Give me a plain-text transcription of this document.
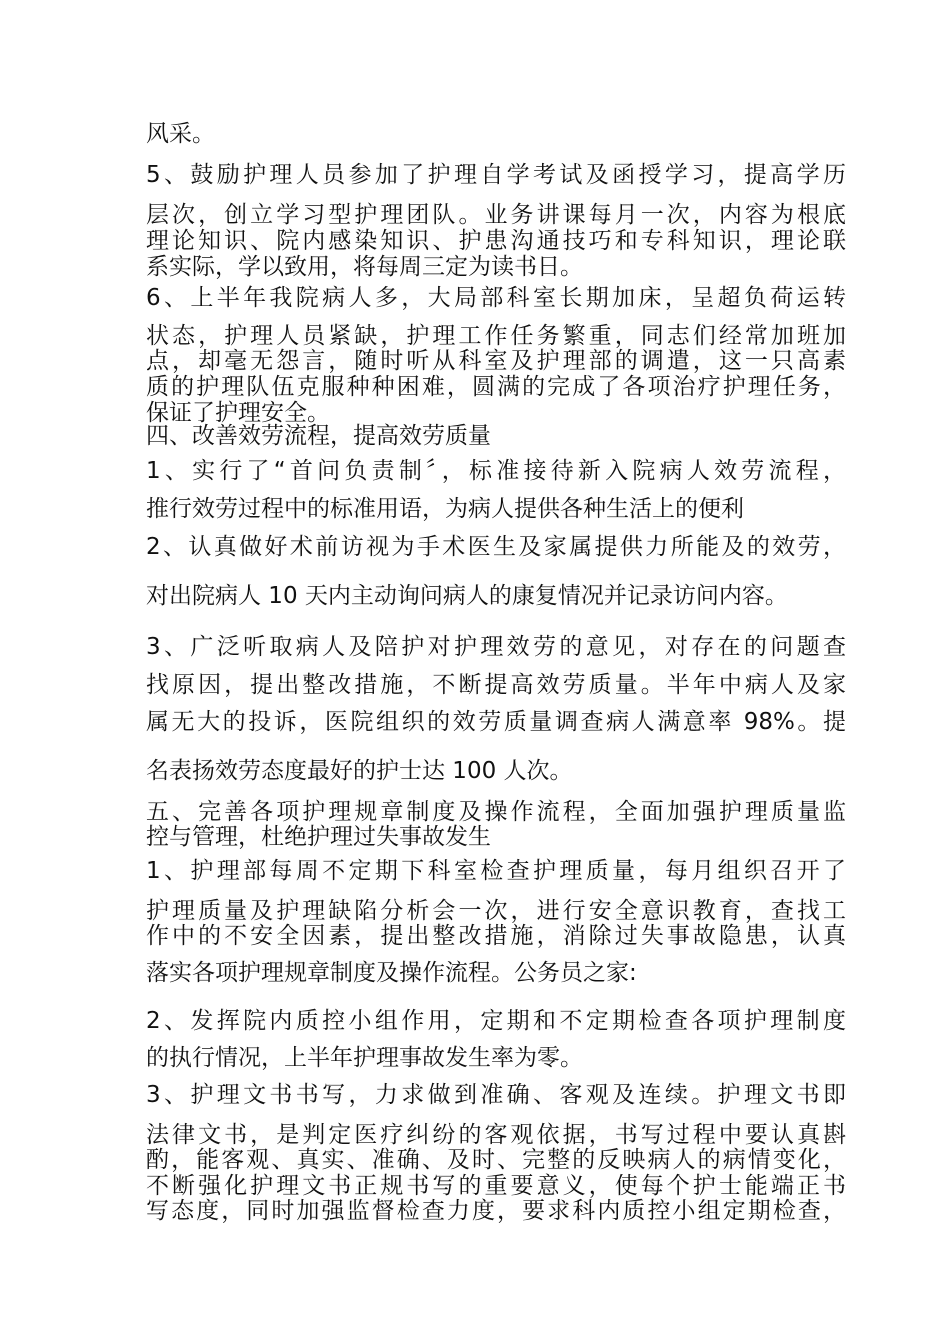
风采。
5、鼓励护理人员参加了护理自学考试及函授学习，提高学历
层次，创立学习型护理团队。业务讲课每月一次，内容为根底
理论知识、院内感染知识、护患沟通技巧和专科知识，理论联
系实际，学以致用，将每周三定为读书日。
6、上半年我院病人多，大局部科室长期加床，呈超负荷运转
状态，护理人员紧缺，护理工作任务繁重，同志们经常加班加
点，却毫无怨言，随时听从科室及护理部的调遣，这一只高素
质的护理队伍克服种种困难，圆满的完成了各项治疗护理任务，
保证了护理安全。
四、改善效劳流程，提高效劳质量
1、实行了“首问负责制〞，标准接待新入院病人效劳流程，
推行效劳过程中的标准用语，为病人提供各种生活上的便利
2、认真做好术前访视为手术医生及家属提供力所能及的效劳，
对出院病人 10 天内主动询问病人的康复情况并记录访问内容。
3、广泛听取病人及陪护对护理效劳的意见，对存在的问题查
找原因，提出整改措施，不断提高效劳质量。半年中病人及家
属无大的投诉，医院组织的效劳质量调查病人满意率 98%。提
名表扬效劳态度最好的护士达 100 人次。
五、完善各项护理规章制度及操作流程，全面加强护理质量监
控与管理，杜绝护理过失事故发生
1、护理部每周不定期下科室检查护理质量，每月组织召开了
护理质量及护理缺陷分析会一次，进行安全意识教育，查找工
作中的不安全因素，提出整改措施，消除过失事故隐患，认真
落实各项护理规章制度及操作流程。公务员之家:
2、发挥院内质控小组作用，定期和不定期检查各项护理制度
的执行情况，上半年护理事故发生率为零。
3、护理文书书写，力求做到准确、客观及连续。护理文书即
法律文书，是判定医疗纠纷的客观依据，书写过程中要认真斟
酌，能客观、真实、准确、及时、完整的反映病人的病情变化，
不断强化护理文书正规书写的重要意义，使每个护士能端正书
写态度，同时加强监督检查力度，要求科内质控小组定期检查，
